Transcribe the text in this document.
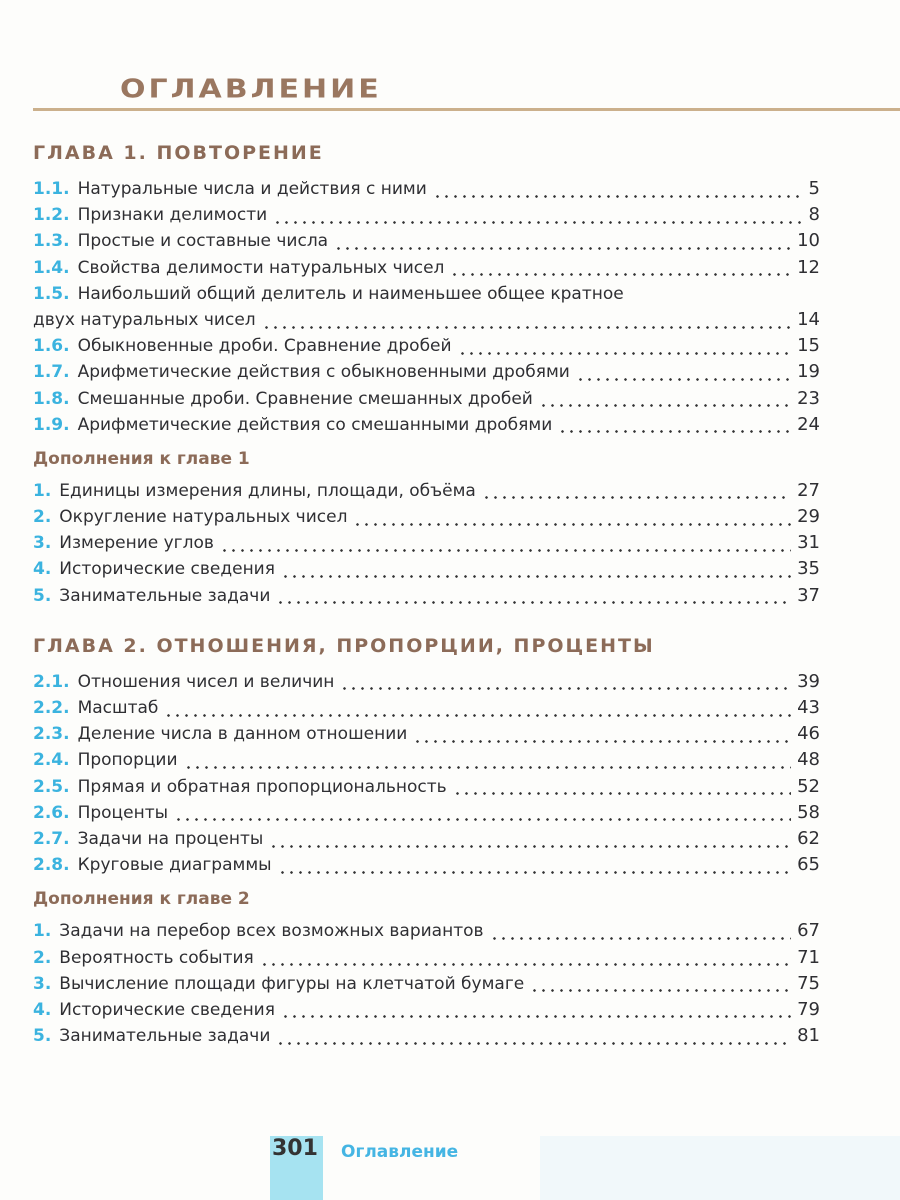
ОГЛАВЛЕНИЕ
ГЛАВА 1. ПОВТОРЕНИЕ
1.1. Натуральные числа и действия с ними	5
1.2. Признаки делимости	8
1.3. Простые и составные числа	10
1.4. Свойства делимости натуральных чисел	12
1.5. Наибольший общий делитель и наименьшее общее кратное
двух натуральных чисел	14
1.6. Обыкновенные дроби. Сравнение дробей	15
1.7. Арифметические действия с обыкновенными дробями	19
1.8. Смешанные дроби. Сравнение смешанных дробей	23
1.9. Арифметические действия со смешанными дробями	24
Дополнения к главе 1
1. Единицы измерения длины, площади, объёма	27
2. Округление натуральных чисел	29
3. Измерение углов	31
4. Исторические сведения	35
5. Занимательные задачи	37
ГЛАВА 2. ОТНОШЕНИЯ, ПРОПОРЦИИ, ПРОЦЕНТЫ
2.1. Отношения чисел и величин	39
2.2. Масштаб	43
2.3. Деление числа в данном отношении	46
2.4. Пропорции	48
2.5. Прямая и обратная пропорциональность	52
2.6. Проценты	58
2.7. Задачи на проценты	62
2.8. Круговые диаграммы	65
Дополнения к главе 2
1. Задачи на перебор всех возможных вариантов	67
2. Вероятность события	71
3. Вычисление площади фигуры на клетчатой бумаге	75
4. Исторические сведения	79
5. Занимательные задачи	81
301 Оглавление
